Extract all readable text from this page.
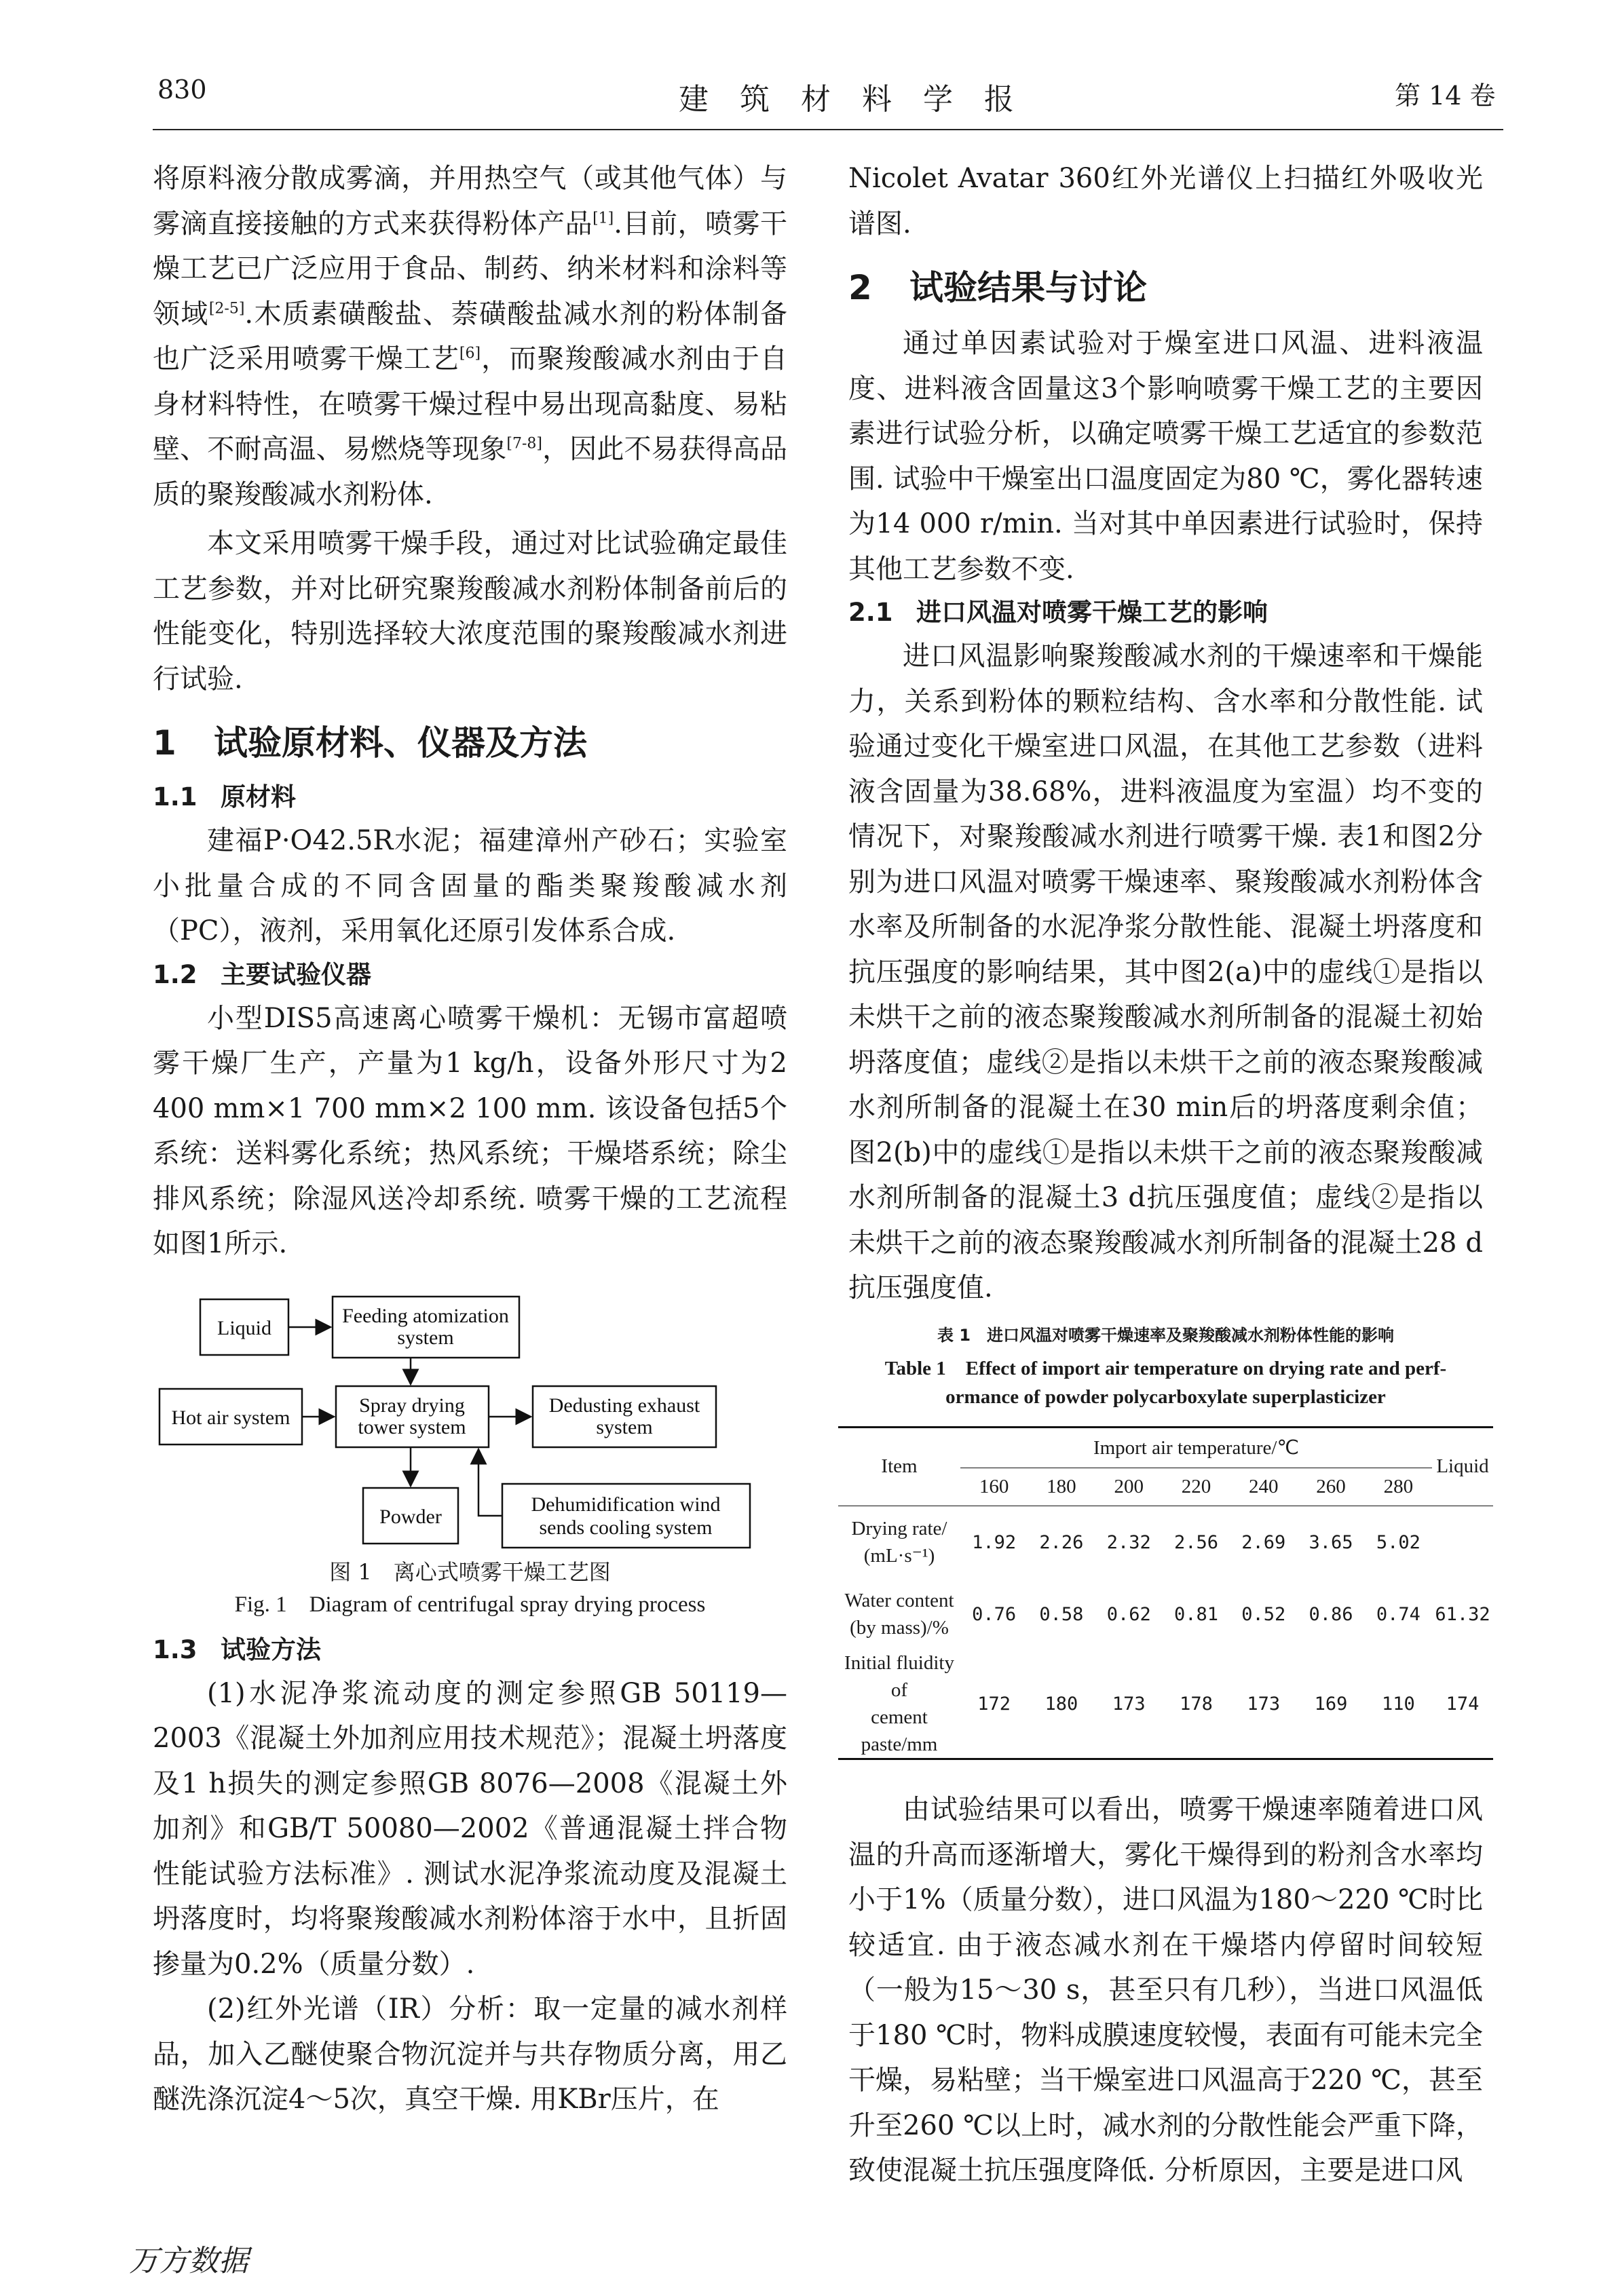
830	建 筑 材 料 学 报	第 14 卷

将原料液分散成雾滴，并用热空气（或其他气体）与雾滴直接接触的方式来获得粉体产品[1].目前，喷雾干燥工艺已广泛应用于食品、制药、纳米材料和涂料等领域[2-5].木质素磺酸盐、萘磺酸盐减水剂的粉体制备也广泛采用喷雾干燥工艺[6]，而聚羧酸减水剂由于自身材料特性，在喷雾干燥过程中易出现高黏度、易粘壁、不耐高温、易燃烧等现象[7-8]，因此不易获得高品质的聚羧酸减水剂粉体.

本文采用喷雾干燥手段，通过对比试验确定最佳工艺参数，并对比研究聚羧酸减水剂粉体制备前后的性能变化，特别选择较大浓度范围的聚羧酸减水剂进行试验.

1 试验原材料、仪器及方法
1.1 原材料

建福P·O42.5R水泥；福建漳州产砂石；实验室小批量合成的不同含固量的酯类聚羧酸减水剂（PC），液剂，采用氧化还原引发体系合成.

1.2 主要试验仪器

小型DIS5高速离心喷雾干燥机：无锡市富超喷雾干燥厂生产，产量为1 kg/h，设备外形尺寸为2 400 mm×1 700 mm×2 100 mm. 该设备包括5个系统：送料雾化系统；热风系统；干燥塔系统；除尘排风系统；除湿风送冷却系统. 喷雾干燥的工艺流程如图1所示.

Liquid
Feeding atomization
system
Hot air system
Spray drying
tower system
Dedusting exhaust
system
Powder
Dehumidification wind
sends cooling system

图 1　离心式喷雾干燥工艺图

Fig. 1　Diagram of centrifugal spray drying process

1.3 试验方法

(1)水泥净浆流动度的测定参照GB 50119—2003《混凝土外加剂应用技术规范》；混凝土坍落度及1 h损失的测定参照GB 8076—2008《混凝土外加剂》和GB/T 50080—2002《普通混凝土拌合物性能试验方法标准》. 测试水泥净浆流动度及混凝土坍落度时，均将聚羧酸减水剂粉体溶于水中，且折固掺量为0.2%（质量分数）.

(2)红外光谱（IR）分析：取一定量的减水剂样品，加入乙醚使聚合物沉淀并与共存物质分离，用乙醚洗涤沉淀4～5次，真空干燥. 用KBr压片，在

Nicolet Avatar 360红外光谱仪上扫描红外吸收光谱图.

2 试验结果与讨论

通过单因素试验对于燥室进口风温、进料液温度、进料液含固量这3个影响喷雾干燥工艺的主要因素进行试验分析，以确定喷雾干燥工艺适宜的参数范围. 试验中干燥室出口温度固定为80 ℃，雾化器转速为14 000 r/min. 当对其中单因素进行试验时，保持其他工艺参数不变.

2.1 进口风温对喷雾干燥工艺的影响

进口风温影响聚羧酸减水剂的干燥速率和干燥能力，关系到粉体的颗粒结构、含水率和分散性能. 试验通过变化干燥室进口风温，在其他工艺参数（进料液含固量为38.68%，进料液温度为室温）均不变的情况下，对聚羧酸减水剂进行喷雾干燥. 表1和图2分别为进口风温对喷雾干燥速率、聚羧酸减水剂粉体含水率及所制备的水泥净浆分散性能、混凝土坍落度和抗压强度的影响结果，其中图2(a)中的虚线①是指以未烘干之前的液态聚羧酸减水剂所制备的混凝土初始坍落度值；虚线②是指以未烘干之前的液态聚羧酸减水剂所制备的混凝土在30 min后的坍落度剩余值；图2(b)中的虚线①是指以未烘干之前的液态聚羧酸减水剂所制备的混凝土3 d抗压强度值；虚线②是指以未烘干之前的液态聚羧酸减水剂所制备的混凝土28 d抗压强度值.

表 1　进口风温对喷雾干燥速率及聚羧酸减水剂粉体性能的影响

Table 1　Effect of import air temperature on drying rate and perf-
ormance of powder polycarboxylate superplasticizer

Item	Import air temperature/℃							Liquid
	160	180	200	220	240	260	280	
Drying rate/
(mL·s⁻¹)	1.92	2.26	2.32	2.56	2.69	3.65	5.02	
Water content
(by mass)/%	0.76	0.58	0.62	0.81	0.52	0.86	0.74	61.32
Initial fluidity of
cement paste/mm	172	180	173	178	173	169	110	174

由试验结果可以看出，喷雾干燥速率随着进口风温的升高而逐渐增大，雾化干燥得到的粉剂含水率均小于1%（质量分数），进口风温为180～220 ℃时比较适宜. 由于液态减水剂在干燥塔内停留时间较短（一般为15～30 s，甚至只有几秒），当进口风温低于180 ℃时，物料成膜速度较慢，表面有可能未完全干燥，易粘壁；当干燥室进口风温高于220 ℃，甚至升至260 ℃以上时，减水剂的分散性能会严重下降，致使混凝土抗压强度降低. 分析原因，主要是进口风

万方数据
